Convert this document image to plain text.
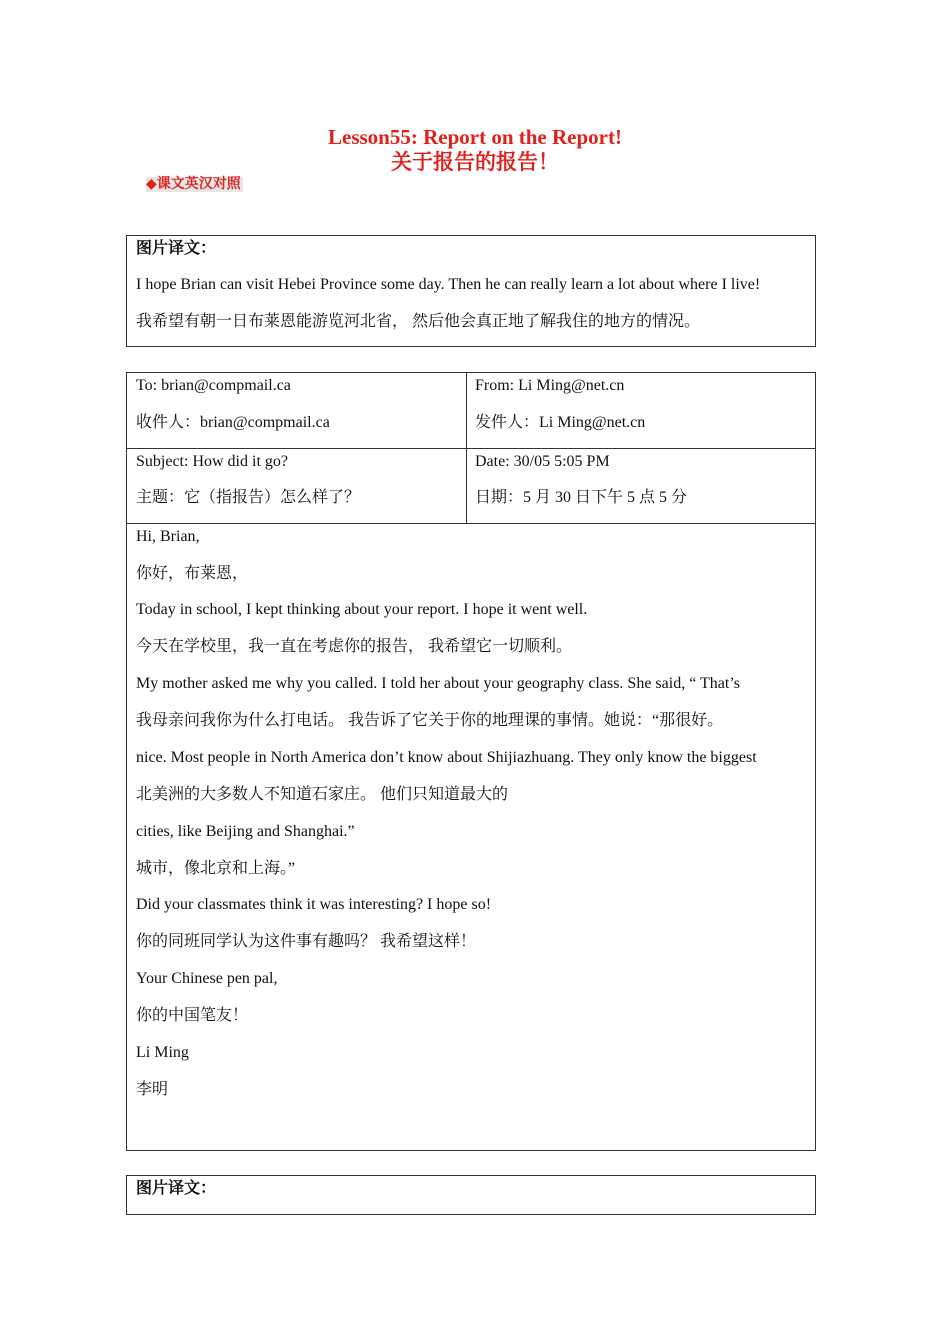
Lesson55: Report on the Report!
关于报告的报告！
◆课文英汉对照
图片译文：
I hope Brian can visit Hebei Province some day. Then he can really learn a lot about where I live!
我希望有朝一日布莱恩能游览河北省， 然后他会真正地了解我住的地方的情况。
To: brian@compmail.ca
收件人：brian@compmail.ca
From: Li Ming@net.cn
发件人：Li Ming@net.cn
Subject: How did it go?
主题：它（指报告）怎么样了？
Date: 30/05 5:05 PM
日期：5 月 30 日下午 5 点 5 分
Hi, Brian,
你好，布莱恩，
Today in school, I kept thinking about your report. I hope it went well.
今天在学校里，我一直在考虑你的报告， 我希望它一切顺利。
My mother asked me why you called. I told her about your geography class. She said, “ That’s
我母亲问我你为什么打电话。 我告诉了它关于你的地理课的事情。她说：“那很好。
nice. Most people in North America don’t know about Shijiazhuang. They only know the biggest
北美洲的大多数人不知道石家庄。 他们只知道最大的
cities, like Beijing and Shanghai.”
城市，像北京和上海。”
Did your classmates think it was interesting? I hope so!
你的同班同学认为这件事有趣吗？ 我希望这样！
Your Chinese pen pal,
你的中国笔友！
Li Ming
李明
图片译文：
